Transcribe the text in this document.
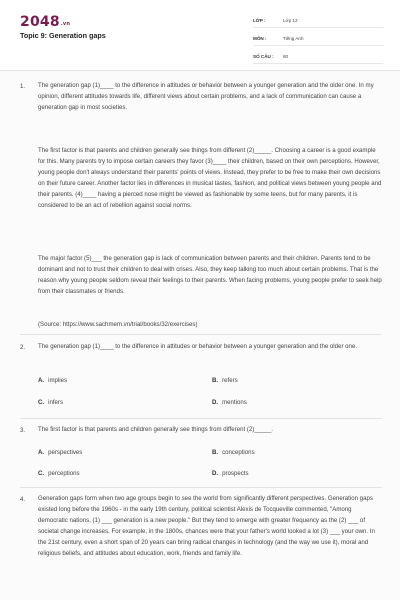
$2048^{.vn}$
Topic 9: Generation gaps
LỚP :	Lớp 12
MÔN :	Tiếng Anh
SỐ CÂU :	80
1. The generation gap (1)____ to the difference in attitudes or behavior between a younger generation and the older one. In my opinion, different attitudes towards life, different views about certain problems, and a lack of communication can cause a generation gap in most societies.

The first factor is that parents and children generally see things from different (2)_____. Choosing a career is a good example for this. Many parents try to impose certain careers they favor (3)____ their children, based on their own perceptions. However, young people don't always understand their parents' points of views. Instead, they prefer to be free to make their own decisions on their future career. Another factor lies in differences in musical tastes, fashion, and political views between young people and their parents. (4)____ having a pierced nose might be viewed as fashionable by some teens, but for many parents, it is considered to be an act of rebellion against social norms.

The major factor (5)___ the generation gap is lack of communication between parents and their children. Parents tend to be dominant and not to trust their children to deal with crises. Also, they keep talking too much about certain problems. That is the reason why young people seldom reveal their feelings to their parents. When facing problems, young people prefer to seek help from their classmates or friends.

(Source: https://www.sachmem.vn/trial/books/32/exercises)

2. The generation gap (1)____ to the difference in attitudes or behavior between a younger generation and the older one.

A. implies	B. refers
C. infers	D. mentions
3. The first factor is that parents and children generally see things from different (2)_____.

A. perspectives	B. conceptions
C. perceptions	D. prospects
4. Generation gaps form when two age groups begin to see the world from significantly different perspectives. Generation gaps existed long before the 1960s - in the early 19th century, political scientist Alexis de Tocqueville commented, "Among democratic nations, (1) ___ generation is a new people." But they tend to emerge with greater frequency as the (2) ___ of societal change increases. For example, in the 1800s, chances were that your father's world looked a lot (3) ___ your own. In the 21st century, even a short span of 20 years can bring radical changes in technology (and the way we use it), moral and religious beliefs, and attitudes about education, work, friends and family life.
